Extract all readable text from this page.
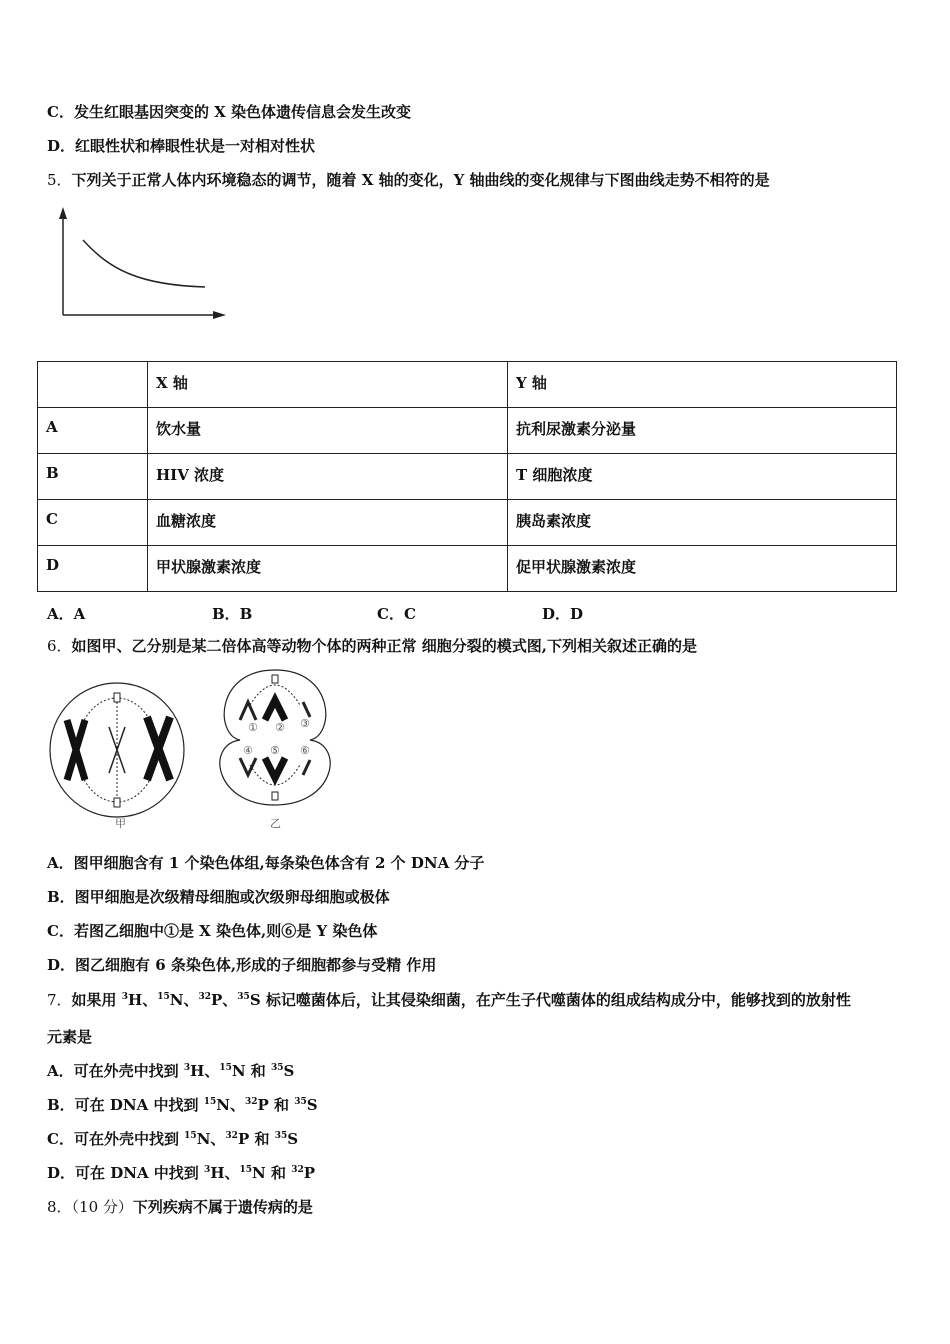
C．发生红眼基因突变的 X 染色体遗传信息会发生改变
D．红眼性状和棒眼性状是一对相对性状
5．下列关于正常人体内环境稳态的调节，随着 X 轴的变化，Y 轴曲线的变化规律与下图曲线走势不相符的是
	X 轴	Y 轴
A	饮水量	抗利尿激素分泌量
B	HIV 浓度	T 细胞浓度
C	血糖浓度	胰岛素浓度
D	甲状腺激素浓度	促甲状腺激素浓度
A．A	B．B	C．C	D．D
6．如图甲、乙分别是某二倍体高等动物个体的两种正常 细胞分裂的模式图,下列相关叙述正确的是
① ② ③
④ ⑤ ⑥
甲	乙
A．图甲细胞含有 1 个染色体组,每条染色体含有 2 个 DNA 分子
B．图甲细胞是次级精母细胞或次级卵母细胞或极体
C．若图乙细胞中①是 X 染色体,则⑥是 Y 染色体
D．图乙细胞有 6 条染色体,形成的子细胞都参与受精 作用
7．如果用 $^3$H、$^{15}$N、$^{32}$P、$^{35}$S 标记噬菌体后，让其侵染细菌，在产生子代噬菌体的组成结构成分中，能够找到的放射性
元素是
A．可在外壳中找到 $^3$H、$^{15}$N 和 $^{35}$S
B．可在 DNA 中找到 $^{15}$N、$^{32}$P 和 $^{35}$S
C．可在外壳中找到 $^{15}$N、$^{32}$P 和 $^{35}$S
D．可在 DNA 中找到 $^3$H、$^{15}$N 和 $^{32}$P
8．（10 分）下列疾病不属于遗传病的是
